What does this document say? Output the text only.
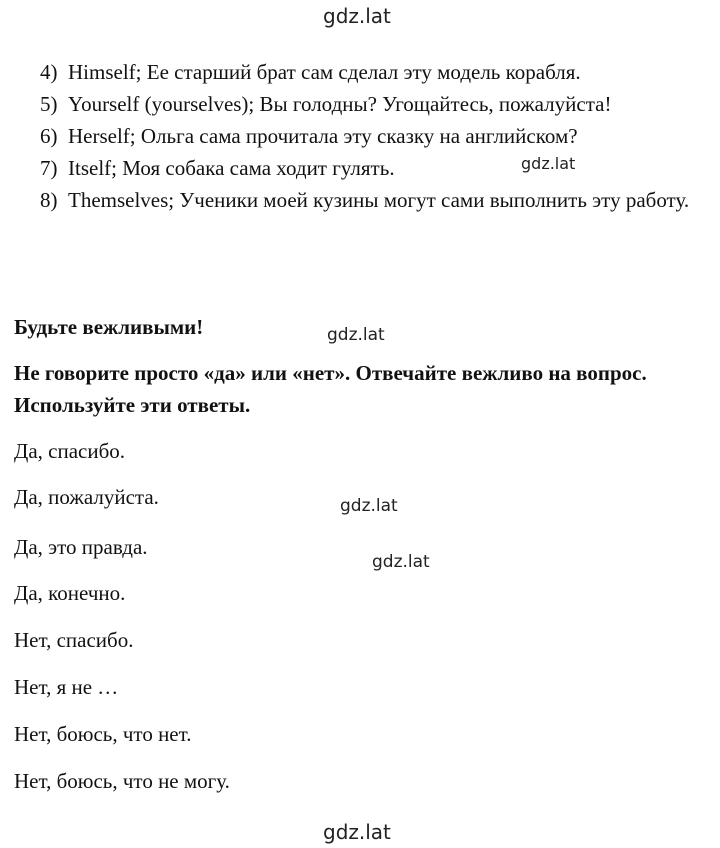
gdz.lat
4) Himself; Ее старший брат сам сделал эту модель корабля.
5) Yourself (yourselves); Вы голодны? Угощайтесь, пожалуйста!
6) Herself; Ольга сама прочитала эту сказку на английском?
7) Itself; Моя собака сама ходит гулять.
8) Themselves; Ученики моей кузины могут сами выполнить эту работу.
gdz.lat
Будьте вежливыми!	gdz.lat
Не говорите просто «да» или «нет». Отвечайте вежливо на вопрос. Используйте эти ответы.
Да, спасибо.
Да, пожалуйста.	gdz.lat
Да, это правда.
gdz.lat
Да, конечно.
Нет, спасибо.
Нет, я не …
Нет, боюсь, что нет.
Нет, боюсь, что не могу.
gdz.lat
